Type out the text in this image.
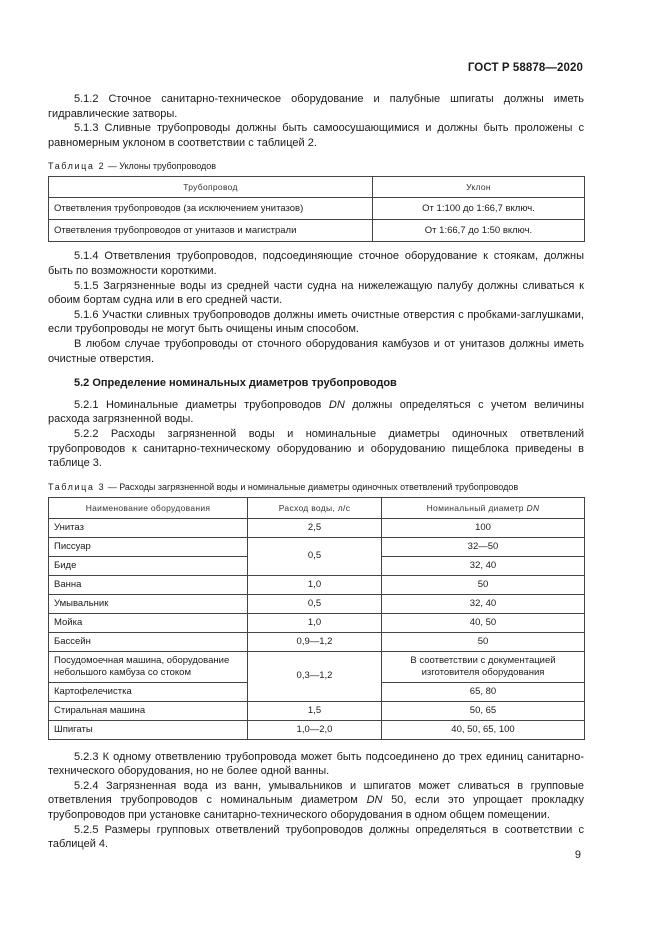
ГОСТ Р 58878—2020

5.1.2 Сточное санитарно-техническое оборудование и палубные шпигаты должны иметь гидравлические затворы.

5.1.3 Сливные трубопроводы должны быть самоосушающимися и должны быть проложены с равномерным уклоном в соответствии с таблицей 2.

Таблица 2 — Уклоны трубопроводов
Трубопровод	Уклон
Ответвления трубопроводов (за исключением унитазов)	От 1:100 до 1:66,7 включ.
Ответвления трубопроводов от унитазов и магистрали	От 1:66,7 до 1:50 включ.

5.1.4 Ответвления трубопроводов, подсоединяющие сточное оборудование к стоякам, должны быть по возможности короткими.

5.1.5 Загрязненные воды из средней части судна на нижележащую палубу должны сливаться к обоим бортам судна или в его средней части.

5.1.6 Участки сливных трубопроводов должны иметь очистные отверстия с пробками-заглушками, если трубопроводы не могут быть очищены иным способом.

В любом случае трубопроводы от сточного оборудования камбузов и от унитазов должны иметь очистные отверстия.

5.2 Определение номинальных диаметров трубопроводов

5.2.1 Номинальные диаметры трубопроводов DN должны определяться с учетом величины расхода загрязненной воды.

5.2.2 Расходы загрязненной воды и номинальные диаметры одиночных ответвлений трубопроводов к санитарно-техническому оборудованию и оборудованию пищеблока приведены в таблице 3.

Таблица 3 — Расходы загрязненной воды и номинальные диаметры одиночных ответвлений трубопроводов
Наименование оборудования	Расход воды, л/с	Номинальный диаметр DN
Унитаз	2,5	100
Писсуар	0,5	32—50
Биде		32, 40
Ванна	1,0	50
Умывальник	0,5	32, 40
Мойка	1,0	40, 50
Бассейн	0,9—1,2	50
Посудомоечная машина, оборудование небольшого камбуза со стоком	0,3—1,2	В соответствии с документацией изготовителя оборудования
Картофелечистка		65, 80
Стиральная машина	1,5	50, 65
Шпигаты	1,0—2,0	40, 50, 65, 100

5.2.3 К одному ответвлению трубопровода может быть подсоединено до трех единиц санитарно-технического оборудования, но не более одной ванны.

5.2.4 Загрязненная вода из ванн, умывальников и шпигатов может сливаться в групповые ответвления трубопроводов с номинальным диаметром DN 50, если это упрощает прокладку трубопроводов при установке санитарно-технического оборудования в одном общем помещении.

5.2.5 Размеры групповых ответвлений трубопроводов должны определяться в соответствии с таблицей 4.

9
